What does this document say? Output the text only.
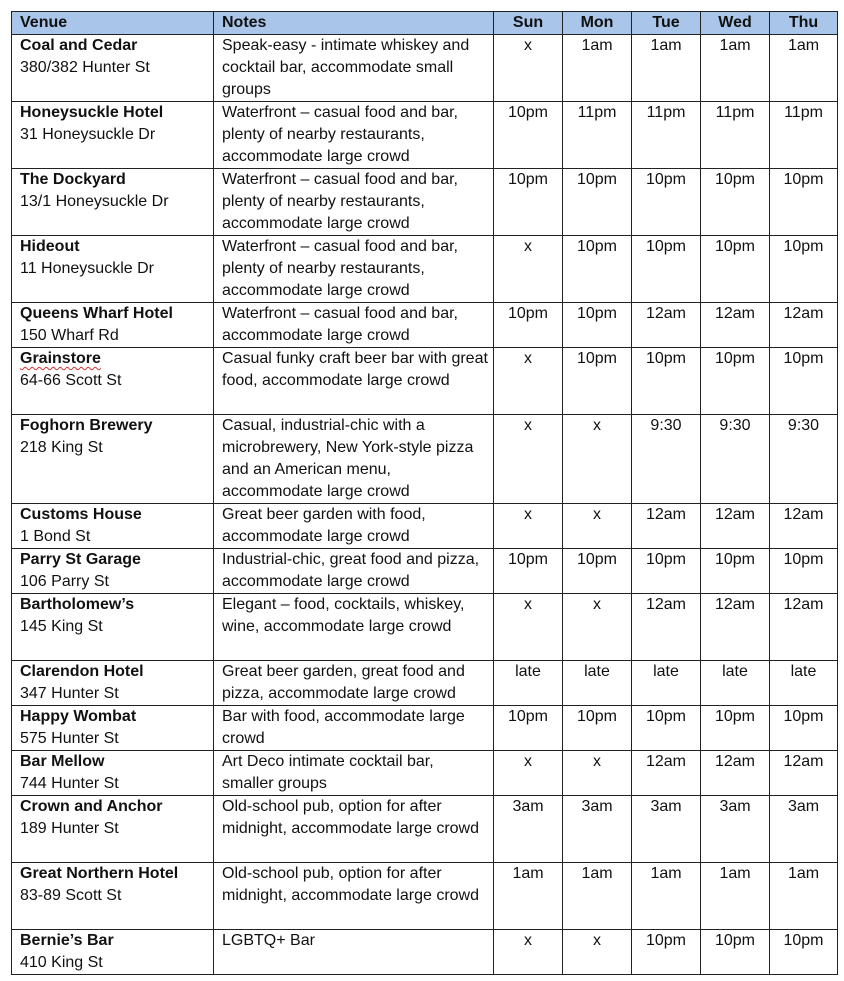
Venue	Notes	Sun	Mon	Tue	Wed	Thu

Coal and Cedar
380/382 Hunter St	Speak-easy - intimate whiskey and cocktail bar, accommodate small groups	x	1am	1am	1am	1am

Honeysuckle Hotel
31 Honeysuckle Dr	Waterfront – casual food and bar, plenty of nearby restaurants, accommodate large crowd	10pm	11pm	11pm	11pm	11pm

The Dockyard
13/1 Honeysuckle Dr	Waterfront – casual food and bar, plenty of nearby restaurants, accommodate large crowd	10pm	10pm	10pm	10pm	10pm

Hideout
11 Honeysuckle Dr	Waterfront – casual food and bar, plenty of nearby restaurants, accommodate large crowd	x	10pm	10pm	10pm	10pm

Queens Wharf Hotel
150 Wharf Rd	Waterfront – casual food and bar, accommodate large crowd	10pm	10pm	12am	12am	12am

Grainstore
64-66 Scott St	Casual funky craft beer bar with great food, accommodate large crowd	x	10pm	10pm	10pm	10pm

Foghorn Brewery
218 King St	Casual, industrial-chic with a microbrewery, New York-style pizza and an American menu, accommodate large crowd	x	x	9:30	9:30	9:30

Customs House
1 Bond St	Great beer garden with food, accommodate large crowd	x	x	12am	12am	12am

Parry St Garage
106 Parry St	Industrial-chic, great food and pizza, accommodate large crowd	10pm	10pm	10pm	10pm	10pm

Bartholomew’s
145 King St	Elegant – food, cocktails, whiskey, wine, accommodate large crowd	x	x	12am	12am	12am

Clarendon Hotel
347 Hunter St	Great beer garden, great food and pizza, accommodate large crowd	late	late	late	late	late

Happy Wombat
575 Hunter St	Bar with food, accommodate large crowd	10pm	10pm	10pm	10pm	10pm

Bar Mellow
744 Hunter St	Art Deco intimate cocktail bar, smaller groups	x	x	12am	12am	12am

Crown and Anchor
189 Hunter St	Old-school pub, option for after midnight, accommodate large crowd	3am	3am	3am	3am	3am

Great Northern Hotel
83-89 Scott St	Old-school pub, option for after midnight, accommodate large crowd	1am	1am	1am	1am	1am

Bernie’s Bar
410 King St	LGBTQ+ Bar	x	x	10pm	10pm	10pm
